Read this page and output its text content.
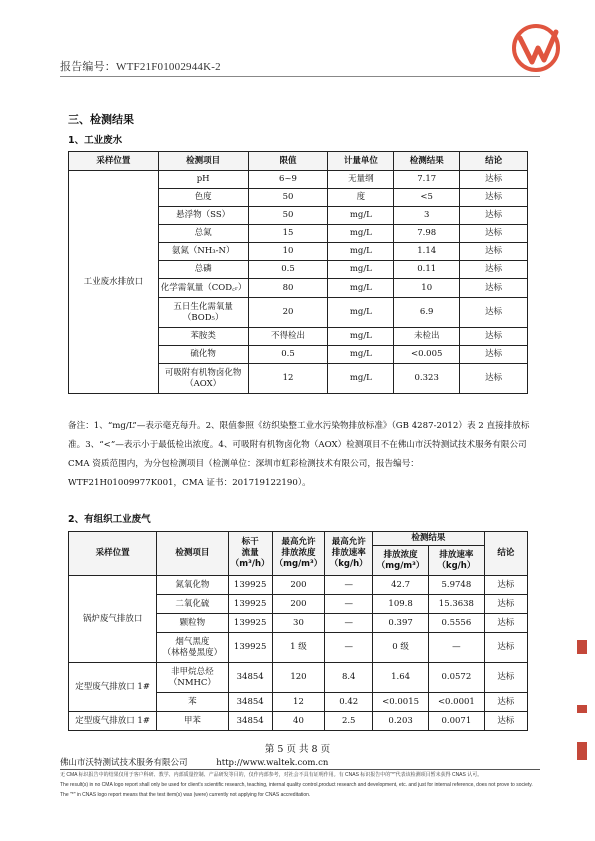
报告编号：WTF21F01002944K-2
三、检测结果
1、工业废水
采样位置	检测项目	限值	计量单位	检测结果	结论
工业废水排放口	pH	6~9	无量纲	7.17	达标
	色度	50	度	<5	达标
	悬浮物（SS）	50	mg/L	3	达标
	总氮	15	mg/L	7.98	达标
	氨氮（NH₃-N）	10	mg/L	1.14	达标
	总磷	0.5	mg/L	0.11	达标
	化学需氧量（COD꜀ᵣ）	80	mg/L	10	达标
	五日生化需氧量
（BOD₅）	20	mg/L	6.9	达标
	苯胺类	不得检出	mg/L	未检出	达标
	硫化物	0.5	mg/L	<0.005	达标
	可吸附有机物卤化物
（AOX）	12	mg/L	0.323	达标
备注：1、“mg/L”—表示毫克每升。2、限值参照《纺织染整工业水污染物排放标准》（GB 4287-2012）表 2 直接排放标准。3、“<”—表示小于最低检出浓度。4、可吸附有机物卤化物（AOX）检测项目不在佛山市沃特测试技术服务有限公司 CMA 资质范围内，为分包检测项目（检测单位：深圳市虹彩检测技术有限公司，报告编号：WTF21H01009977K001，CMA 证书：201719122190）。
2、有组织工业废气
采样位置	检测项目	标干
流量
（m³/h）	最高允许
排放浓度
（mg/m³）	最高允许
排放速率
（kg/h）	检测结果		结论
					排放浓度
（mg/m³）	排放速率
（kg/h）	

锅炉废气排放口	氮氧化物	139925	200	—	42.7	5.9748	达标
	二氧化硫	139925	200	—	109.8	15.3638	达标
	颗粒物	139925	30	—	0.397	0.5556	达标
	烟气黑度
（林格曼黑度）	139925	1 级	—	0 级	—	达标
定型废气排放口 1#	非甲烷总烃
（NMHC）	34854	120	8.4	1.64	0.0572	达标
	苯	34854	12	0.42	<0.0015	<0.0001	达标
定型废气排放口 1#	甲苯	34854	40	2.5	0.203	0.0071	达标
第 5 页 共 8 页
佛山市沃特测试技术服务有限公司	http://www.waltek.com.cn
无 CMA 标识报告中的结果仅用于客户科研、教学、内部质量控制、产品研发等目的，仅作内部参考，对社会不具有证明作用。有 CNAS 标识报告中的“*”代表该检测项目暂未获得 CNAS 认可。
The result(s) in no CMA logo report shall only be used for client's scientific research, teaching, internal quality control,product research and development, etc. and just for internal reference, does not prove to society.
The "*" in CNAS logo report means that the test item(s) was (were) currently not applying for CNAS accreditation.
